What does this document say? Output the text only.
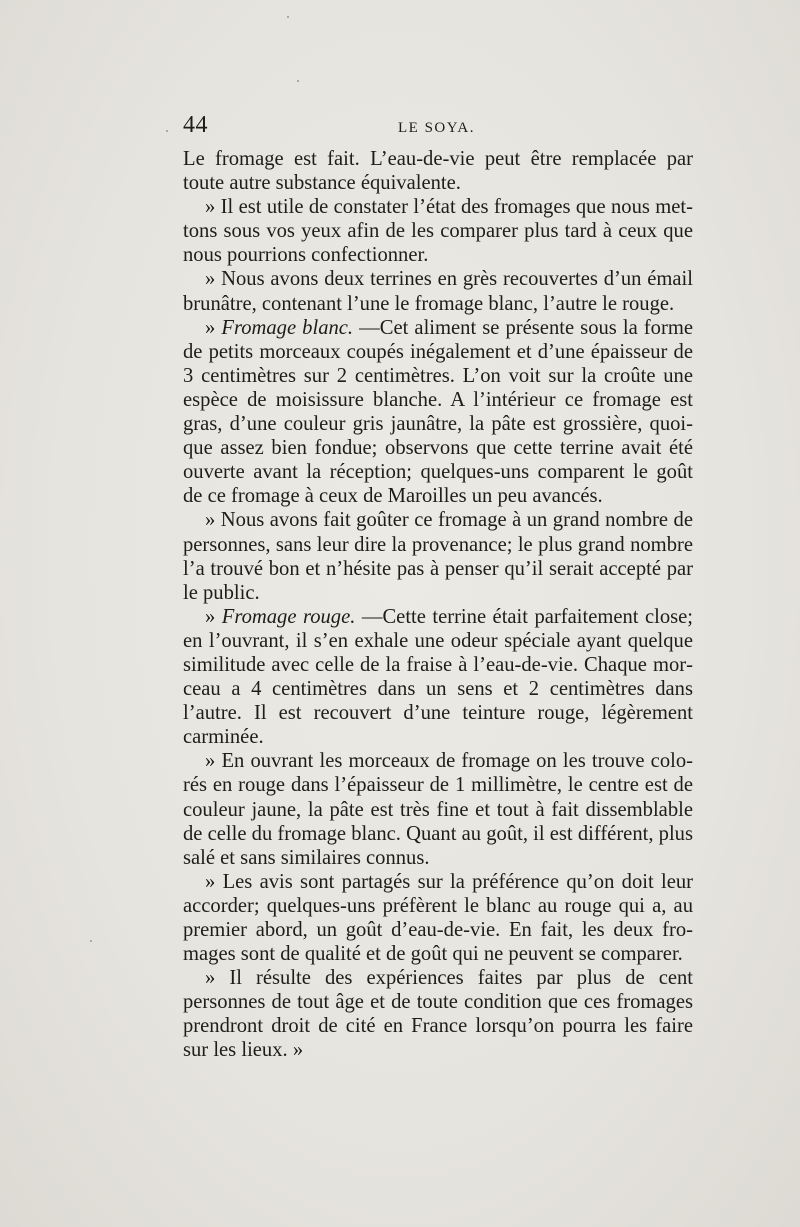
44	LE SOYA.

Le fromage est fait. L’eau-de-vie peut être remplacée par toute autre substance équivalente.

» Il est utile de constater l’état des fromages que nous mettons sous vos yeux afin de les comparer plus tard à ceux que nous pourrions confectionner.

» Nous avons deux terrines en grès recouvertes d’un émail brunâtre, contenant l’une le fromage blanc, l’autre le rouge.

» Fromage blanc. —Cet aliment se présente sous la forme de petits morceaux coupés inégalement et d’une épaisseur de 3 centimètres sur 2 centimètres. L’on voit sur la croûte une espèce de moisissure blanche. A l’intérieur ce fromage est gras, d’une couleur gris jaunâtre, la pâte est grossière, quoique assez bien fondue; observons que cette terrine avait été ouverte avant la réception; quelques-uns comparent le goût de ce fromage à ceux de Maroilles un peu avancés.

» Nous avons fait goûter ce fromage à un grand nombre de personnes, sans leur dire la provenance; le plus grand nombre l’a trouvé bon et n’hésite pas à penser qu’il serait accepté par le public.

» Fromage rouge. —Cette terrine était parfaitement close; en l’ouvrant, il s’en exhale une odeur spéciale ayant quelque similitude avec celle de la fraise à l’eau-de-vie. Chaque morceau a 4 centimètres dans un sens et 2 centimètres dans l’autre. Il est recouvert d’une teinture rouge, légèrement carminée.

» En ouvrant les morceaux de fromage on les trouve colorés en rouge dans l’épaisseur de 1 millimètre, le centre est de couleur jaune, la pâte est très fine et tout à fait dissemblable de celle du fromage blanc. Quant au goût, il est différent, plus salé et sans similaires connus.

» Les avis sont partagés sur la préférence qu’on doit leur accorder; quelques-uns préfèrent le blanc au rouge qui a, au premier abord, un goût d’eau-de-vie. En fait, les deux fromages sont de qualité et de goût qui ne peuvent se comparer.

» Il résulte des expériences faites par plus de cent personnes de tout âge et de toute condition que ces fromages prendront droit de cité en France lorsqu’on pourra les faire sur les lieux. »
